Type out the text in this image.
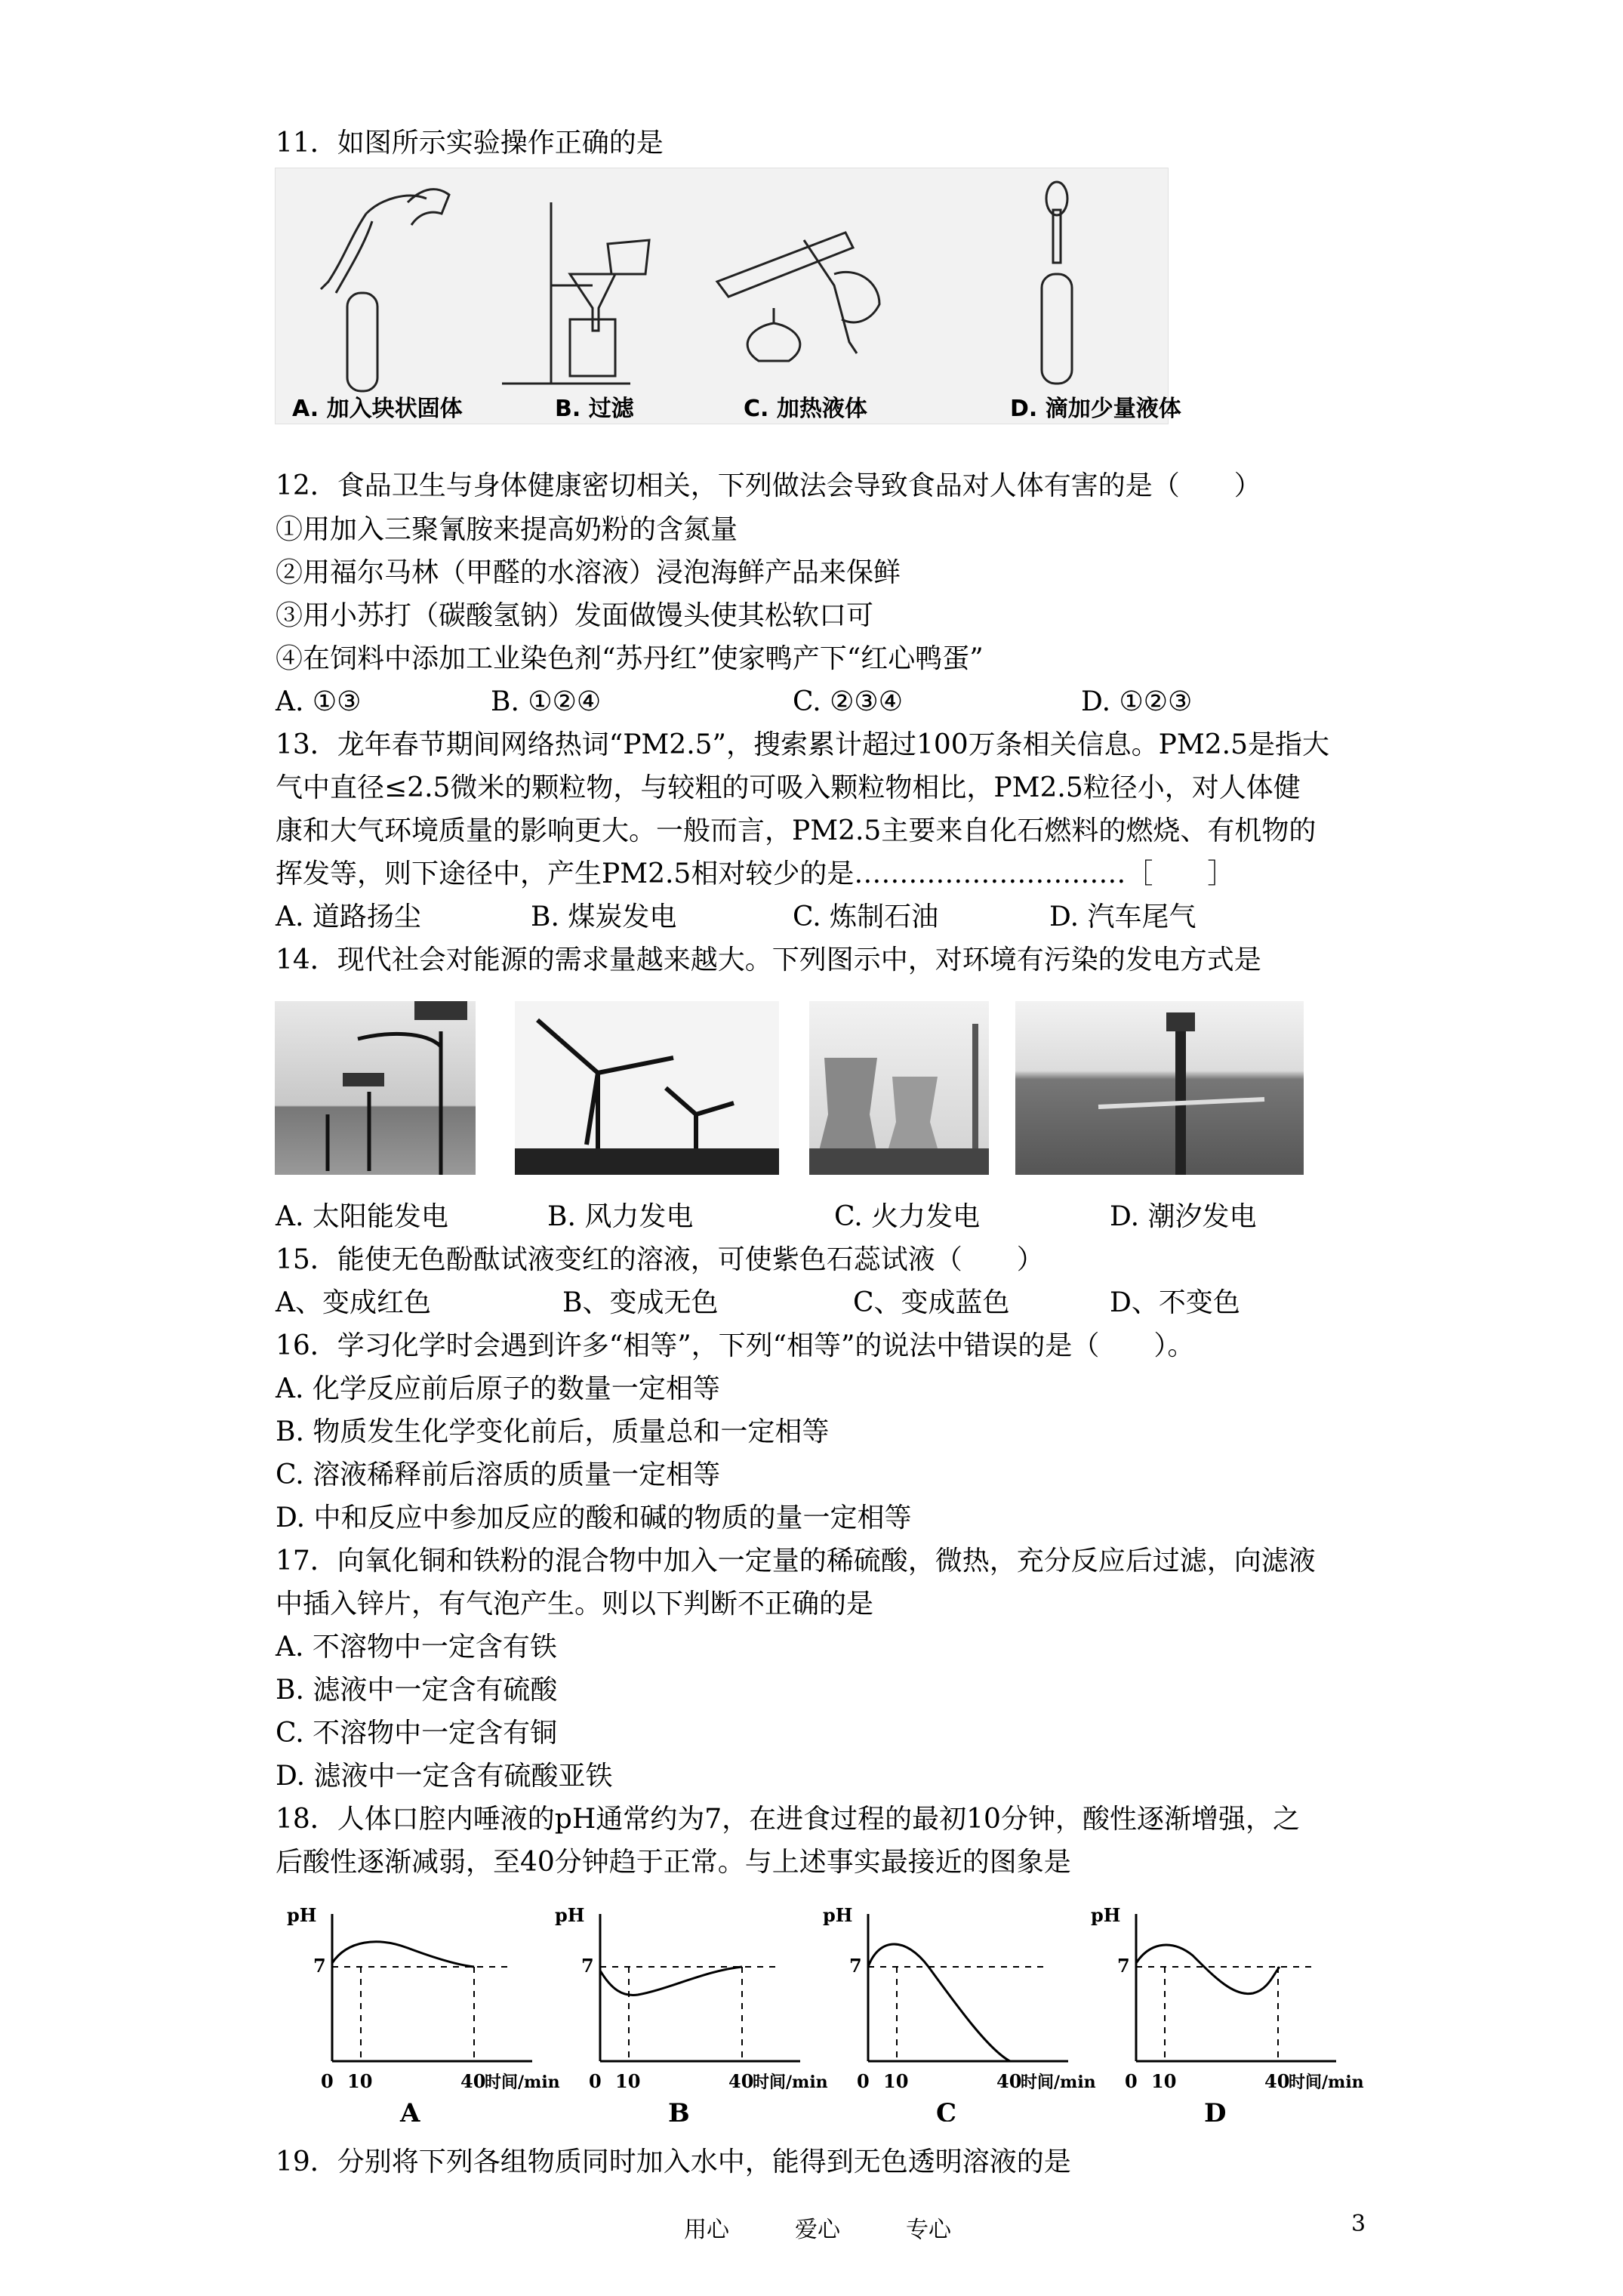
11．如图所示实验操作正确的是
A. 加入块状固体	B. 过滤	C. 加热液体	D. 滴加少量液体
12．食品卫生与身体健康密切相关，下列做法会导致食品对人体有害的是（　　）
①用加入三聚氰胺来提高奶粉的含氮量
②用福尔马林（甲醛的水溶液）浸泡海鲜产品来保鲜
③用小苏打（碳酸氢钠）发面做馒头使其松软口可
④在饲料中添加工业染色剂“苏丹红”使家鸭产下“红心鸭蛋”
A. ①③	B. ①②④	C. ②③④	D. ①②③
13．龙年春节期间网络热词“PM2.5”，搜索累计超过100万条相关信息。PM2.5是指大
气中直径≤2.5微米的颗粒物，与较粗的可吸入颗粒物相比，PM2.5粒径小，对人体健
康和大气环境质量的影响更大。一般而言，PM2.5主要来自化石燃料的燃烧、有机物的
挥发等，则下途径中，产生PM2.5相对较少的是…………………………［　　］
A. 道路扬尘	B. 煤炭发电	C. 炼制石油	D. 汽车尾气
14．现代社会对能源的需求量越来越大。下列图示中，对环境有污染的发电方式是
A. 太阳能发电	B. 风力发电	C. 火力发电	D. 潮汐发电
15．能使无色酚酞试液变红的溶液，可使紫色石蕊试液（　　）
A、变成红色	B、变成无色	C、变成蓝色	D、不变色
16．学习化学时会遇到许多“相等”，下列“相等”的说法中错误的是（　　）。
A. 化学反应前后原子的数量一定相等
B. 物质发生化学变化前后，质量总和一定相等
C. 溶液稀释前后溶质的质量一定相等
D. 中和反应中参加反应的酸和碱的物质的量一定相等
17．向氧化铜和铁粉的混合物中加入一定量的稀硫酸，微热，充分反应后过滤，向滤液
中插入锌片，有气泡产生。则以下判断不正确的是
A. 不溶物中一定含有铁
B. 滤液中一定含有硫酸
C. 不溶物中一定含有铜
D. 滤液中一定含有硫酸亚铁
18．人体口腔内唾液的pH通常约为7，在进食过程的最初10分钟，酸性逐渐增强，之
后酸性逐渐减弱，至40分钟趋于正常。与上述事实最接近的图象是
pH
7
0 10	40
时间/min
A
pH
7
0 10	40
时间/min
B
pH
7
0 10	40
时间/min
C
pH
7
0 10	40
时间/min
D
19．分别将下列各组物质同时加入水中，能得到无色透明溶液的是
用心	爱心	专心	3
